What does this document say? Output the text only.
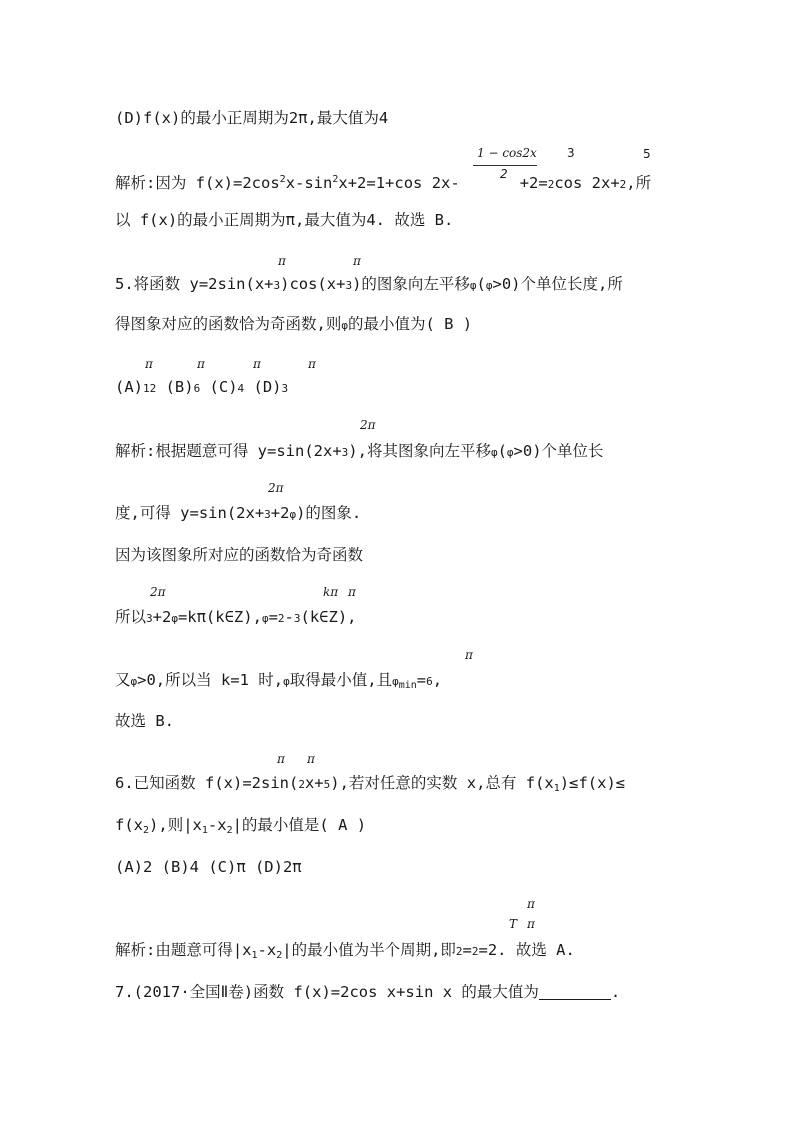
(D)f(x)的最小正周期为2π,最大值为4
1 − cos2x
2
3	5
解析:因为 $f(x)=2\cos^2x-\sin^2x+2=1+\cos$ 2x-	+2=2cos 2x+2,所
以 f(x)的最小正周期为π,最大值为4. 故选 B.
π	π
5.将函数 y=2sin(x+3)cos(x+3)的图象向左平移φ(φ>0)个单位长度,所
得图象对应的函数恰为奇函数,则φ的最小值为( B )
π	π	π	π
(A)12 (B)6 (C)4 (D)3
2π
解析:根据题意可得 y=sin(2x+3),将其图象向左平移φ(φ>0)个单位长
2π
度,可得 y=sin(2x+3+2φ)的图象.
因为该图象所对应的函数恰为奇函数
2π	kπ π
所以3+2φ=kπ(k∈Z),φ=2-3(k∈Z),
π
又φ>0,所以当 k=1 时,φ取得最小值,且$\varphi_{min}=6$,
故选 B.
π π
6.已知函数 f(x)=2sin(2x+5),若对任意的实数 x,总有 $f(x_1)\le f(x)\le$
$f(x_2)$,则$|x_1-x_2|$的最小值是( A )
(A)2 (B)4 (C)π (D)2π
π
T π
解析:由题意可得$|x_1-x_2|$的最小值为半个周期,即2=2=2. 故选 A.
7.(2017·全国Ⅱ卷)函数 f(x)=2cos x+sin x 的最大值为	.
